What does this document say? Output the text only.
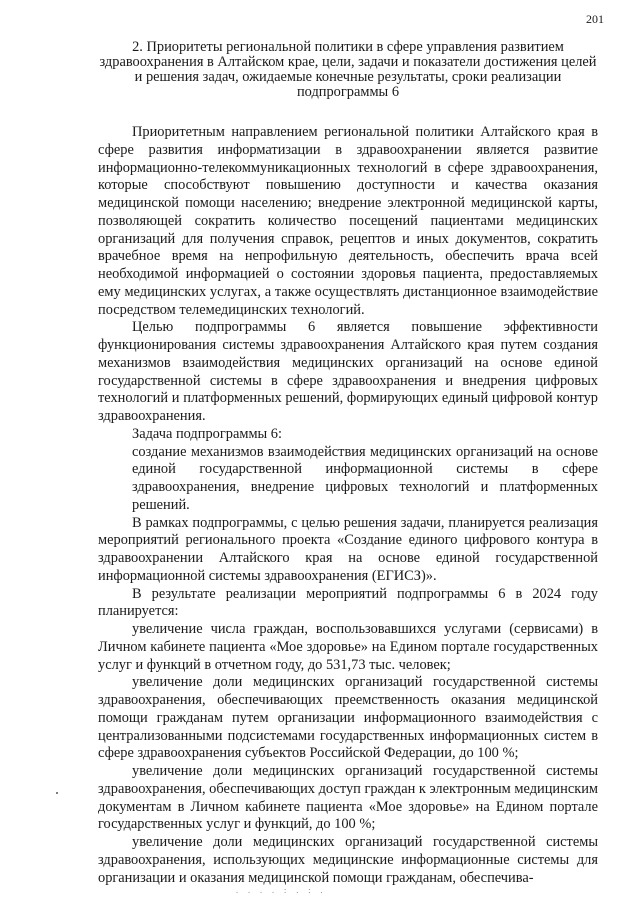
201

2. Приоритеты региональной политики в сфере управления развитием здравоохранения в Алтайском крае, цели, задачи и показатели достижения целей и решения задач, ожидаемые конечные результаты, сроки реализации подпрограммы 6

Приоритетным направлением региональной политики Алтайского края в сфере развития информатизации в здравоохранении является развитие информационно-телекоммуникационных технологий в сфере здравоохранения, которые способствуют повышению доступности и качества оказания медицинской помощи населению; внедрение электронной медицинской карты, позволяющей сократить количество посещений пациентами медицинских организаций для получения справок, рецептов и иных документов, сократить врачебное время на непрофильную деятельность, обеспечить врача всей необходимой информацией о состоянии здоровья пациента, предоставляемых ему медицинских услугах, а также осуществлять дистанционное взаимодействие посредством телемедицинских технологий.

Целью подпрограммы 6 является повышение эффективности функционирования системы здравоохранения Алтайского края путем создания механизмов взаимодействия медицинских организаций на основе единой государственной системы в сфере здравоохранения и внедрения цифровых технологий и платформенных решений, формирующих единый цифровой контур здравоохранения.

Задача подпрограммы 6:

создание механизмов взаимодействия медицинских организаций на основе единой государственной информационной системы в сфере здравоохранения, внедрение цифровых технологий и платформенных решений.

В рамках подпрограммы, с целью решения задачи, планируется реализация мероприятий регионального проекта «Создание единого цифрового контура в здравоохранении Алтайского края на основе единой государственной информационной системы здравоохранения (ЕГИСЗ)».

В результате реализации мероприятий подпрограммы 6 в 2024 году планируется:

увеличение числа граждан, воспользовавшихся услугами (сервисами) в Личном кабинете пациента «Мое здоровье» на Едином портале государственных услуг и функций в отчетном году, до 531,73 тыс. человек;

увеличение доли медицинских организаций государственной системы здравоохранения, обеспечивающих преемственность оказания медицинской помощи гражданам путем организации информационного взаимодействия с централизованными подсистемами государственных информационных систем в сфере здравоохранения субъектов Российской Федерации, до 100 %;

увеличение доли медицинских организаций государственной системы здравоохранения, обеспечивающих доступ граждан к электронным медицинским документам в Личном кабинете пациента «Мое здоровье» на Едином портале государственных услуг и функций, до 100 %;

увеличение доли медицинских организаций государственной системы здравоохранения, использующих медицинские информационные системы для организации и оказания медицинской помощи гражданам, обеспечива-

. . . . : . : .
